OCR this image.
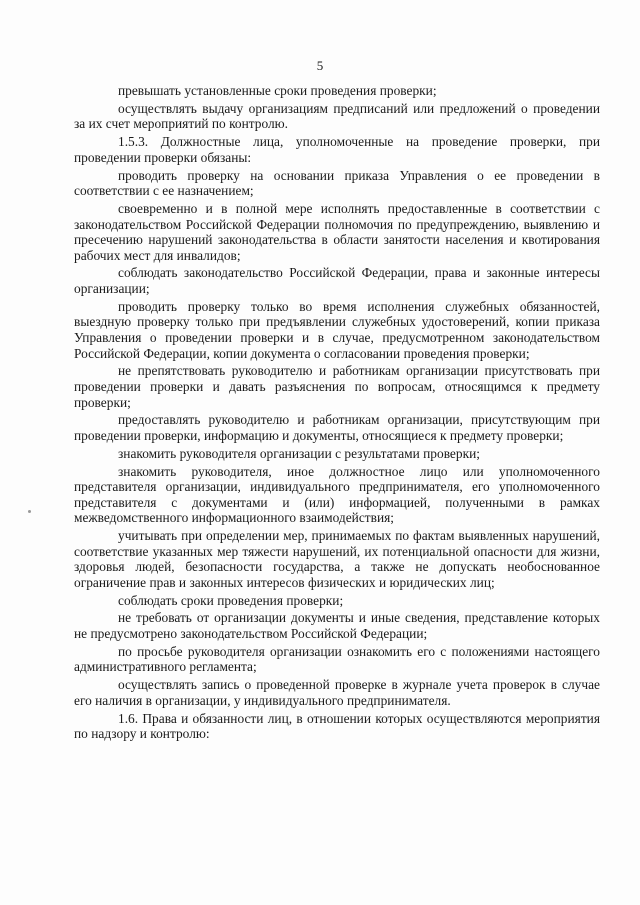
5

превышать установленные сроки проведения проверки;

осуществлять выдачу организациям предписаний или предложений о проведении за их счет мероприятий по контролю.

1.5.3. Должностные лица, уполномоченные на проведение проверки, при проведении проверки обязаны:

проводить проверку на основании приказа Управления о ее проведении в соответствии с ее назначением;

своевременно и в полной мере исполнять предоставленные в соответствии с законодательством Российской Федерации полномочия по предупреждению, выявлению и пресечению нарушений законодательства в области занятости населения и квотирования рабочих мест для инвалидов;

соблюдать законодательство Российской Федерации, права и законные интересы организации;

проводить проверку только во время исполнения служебных обязанностей, выездную проверку только при предъявлении служебных удостоверений, копии приказа Управления о проведении проверки и в случае, предусмотренном законодательством Российской Федерации, копии документа о согласовании проведения проверки;

не препятствовать руководителю и работникам организации присутствовать при проведении проверки и давать разъяснения по вопросам, относящимся к предмету проверки;

предоставлять руководителю и работникам организации, присутствующим при проведении проверки, информацию и документы, относящиеся к предмету проверки;

знакомить руководителя организации с результатами проверки;

знакомить руководителя, иное должностное лицо или уполномоченного представителя организации, индивидуального предпринимателя, его уполномоченного представителя с документами и (или) информацией, полученными в рамках межведомственного информационного взаимодействия;

учитывать при определении мер, принимаемых по фактам выявленных нарушений, соответствие указанных мер тяжести нарушений, их потенциальной опасности для жизни, здоровья людей, безопасности государства, а также не допускать необоснованное ограничение прав и законных интересов физических и юридических лиц;

соблюдать сроки проведения проверки;

не требовать от организации документы и иные сведения, представление которых не предусмотрено законодательством Российской Федерации;

по просьбе руководителя организации ознакомить его с положениями настоящего административного регламента;

осуществлять запись о проведенной проверке в журнале учета проверок в случае его наличия в организации, у индивидуального предпринимателя.

1.6. Права и обязанности лиц, в отношении которых осуществляются мероприятия по надзору и контролю:
